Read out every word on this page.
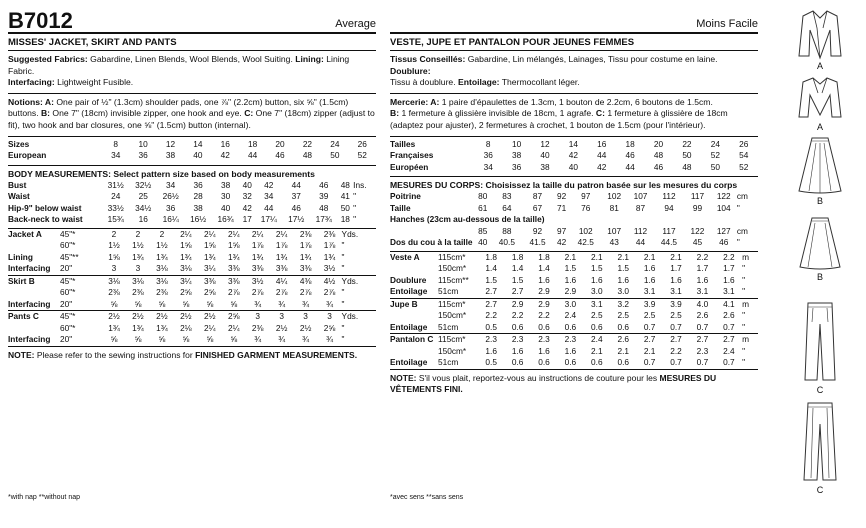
B7012	Average
MISSES' JACKET, SKIRT AND PANTS
Suggested Fabrics: Gabardine, Linen Blends, Wool Blends, Wool Suiting. Lining: Lining Fabric.
Interfacing: Lightweight Fusible.
Notions: A: One pair of ½" (1.3cm) shoulder pads, one ⅞" (2.2cm) button, six ⅝" (1.5cm) buttons. B: One 7" (18cm) invisible zipper, one hook and eye. C: One 7" (18cm) zipper (adjust to fit), two hook and bar closures, one ⅝" (1.5cm) button (internal).
Sizes	8	10	12	14	16	18	20	22	24	26	
European	34	36	38	40	42	44	46	48	50	52	
BODY MEASUREMENTS: Select pattern size based on body measurements
Bust	31½	32½	34	36	38	40	42	44	46	48	Ins.
Waist	24	25	26½	28	30	32	34	37	39	41	"
Hip-9" below waist	33½	34½	36	38	40	42	44	46	48	50	"
Back-neck to waist	15¾	16	16¼	16½	16¾	17	17¼	17½	17¾	18	"
Jacket A	45"*	2	2	2	2¼	2¼	2¼	2¼	2¼	2⅜	2⅜	Yds.
	60"*	1½	1½	1½	1⅝	1⅝	1⅝	1⅞	1⅞	1⅞	1⅞	"
Lining	45"**	1⅝	1¾	1¾	1¾	1¾	1¾	1¾	1¾	1¾	1¾	"
Interfacing	20"	3	3	3⅛	3⅛	3¼	3⅜	3⅜	3⅜	3⅜	3½	"
Skirt B	45"*	3⅛	3⅛	3⅛	3¼	3⅜	3⅜	3½	4¼	4⅜	4½	Yds.
	60"*	2⅜	2⅜	2⅜	2⅝	2⅝	2⅞	2⅞	2⅞	2⅞	2⅞	"
Interfacing	20"	⅝	⅝	⅝	⅝	⅝	⅝	¾	¾	¾	¾	"
Pants C	45"*	2½	2½	2½	2½	2½	2⅝	3	3	3	3	Yds.
	60"*	1¾	1¾	1¾	2⅛	2¼	2¼	2⅜	2½	2½	2⅝	"
Interfacing	20"	⅝	⅝	⅝	⅝	⅝	⅝	¾	¾	¾	¾	"
NOTE: Please refer to the sewing instructions for FINISHED GARMENT MEASUREMENTS.
*with nap **without nap
Moins Facile
VESTE, JUPE ET PANTALON POUR JEUNES FEMMES
Tissus Conseillés: Gabardine, Lin mélangés, Lainages, Tissu pour costume en laine. Doublure:
Tissu à doublure. Entoilage: Thermocollant léger.
Mercerie: A: 1 paire d'épaulettes de 1.3cm, 1 bouton de 2.2cm, 6 boutons de 1.5cm.
B: 1 fermeture à glissière invisible de 18cm, 1 agrafe. C: 1 fermeture à glissière de 18cm (adaptez pour ajuster), 2 fermetures à crochet, 1 bouton de 1.5cm (pour l'intérieur).
Tailles	8	10	12	14	16	18	20	22	24	26	
Françaises	36	38	40	42	44	46	48	50	52	54	
Européen	34	36	38	40	42	44	46	48	50	52	
MESURES DU CORPS: Choisissez la taille du patron basée sur les mesures du corps
Poitrine	80	83	87	92	97	102	107	112	117	122	cm
Taille	61	64	67	71	76	81	87	94	99	104	"
Hanches (23cm au-dessous de la taille)											
	85	88	92	97	102	107	112	117	122	127	cm
Dos du cou à la taille	40	40.5	41.5	42	42.5	43	44	44.5	45	46	"
Veste A	115cm*	1.8	1.8	1.8	2.1	2.1	2.1	2.1	2.1	2.2	2.2	m
	150cm*	1.4	1.4	1.4	1.5	1.5	1.5	1.6	1.7	1.7	1.7	"
Doublure	115cm**	1.5	1.5	1.6	1.6	1.6	1.6	1.6	1.6	1.6	1.6	"
Entoilage	51cm	2.7	2.7	2.9	2.9	3.0	3.0	3.1	3.1	3.1	3.1	"
Jupe B	115cm*	2.7	2.9	2.9	3.0	3.1	3.2	3.9	3.9	4.0	4.1	m
	150cm*	2.2	2.2	2.2	2.4	2.5	2.5	2.5	2.5	2.6	2.6	"
Entoilage	51cm	0.5	0.6	0.6	0.6	0.6	0.6	0.7	0.7	0.7	0.7	"
Pantalon C	115cm*	2.3	2.3	2.3	2.3	2.4	2.6	2.7	2.7	2.7	2.7	m
	150cm*	1.6	1.6	1.6	1.6	2.1	2.1	2.1	2.2	2.3	2.4	"
Entoilage	51cm	0.5	0.6	0.6	0.6	0.6	0.6	0.7	0.7	0.7	0.7	"
NOTE: S'il vous plait, reportez-vous au instructions de couture pour les MESURES DU VÊTEMENTS FINI.
*avec sens **sans sens
A
A
B
B
C
C
